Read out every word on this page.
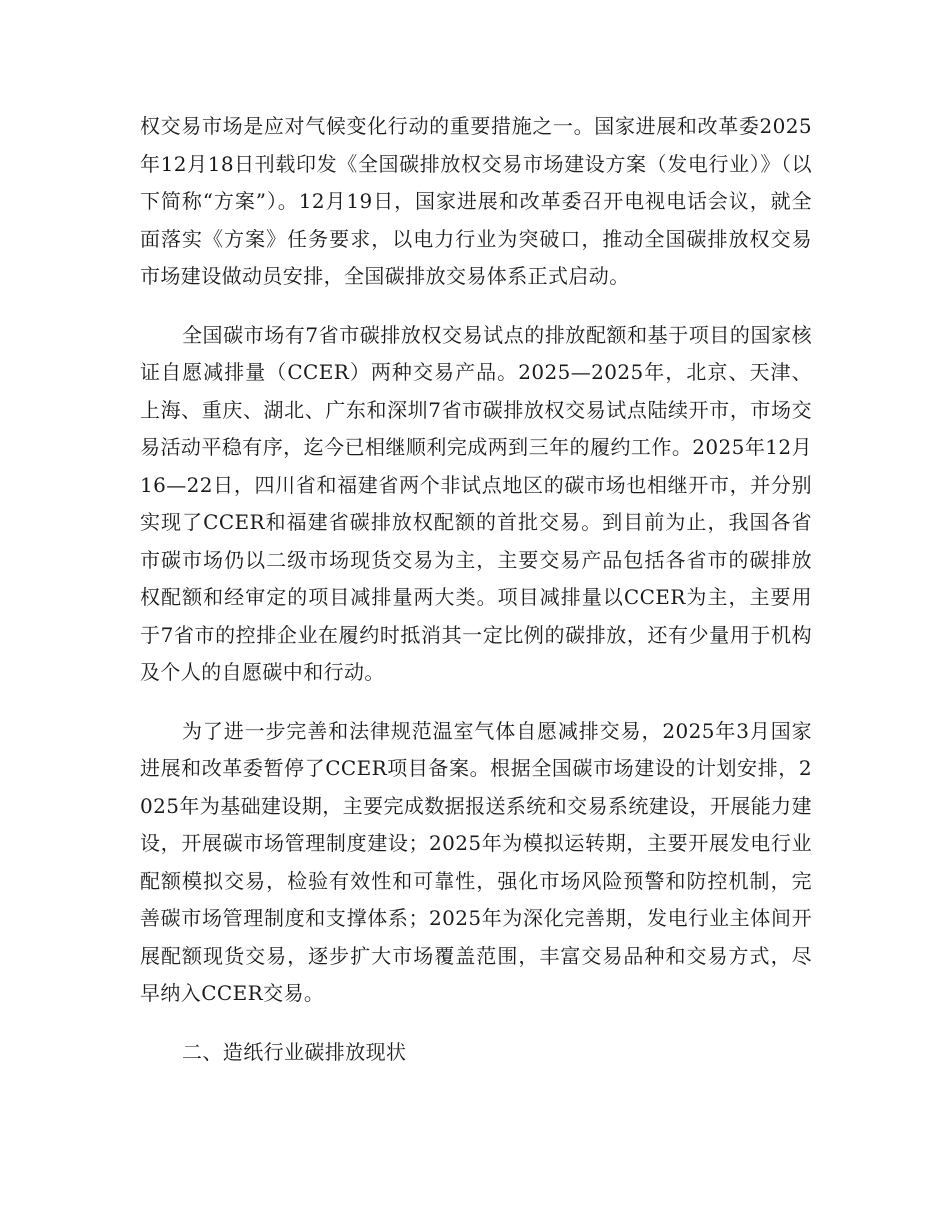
权交易市场是应对气候变化行动的重要措施之一。国家进展和改革委2025年12月18日刊载印发《全国碳排放权交易市场建设方案（发电行业）》（以下简称“方案”）。12月19日，国家进展和改革委召开电视电话会议，就全面落实《方案》任务要求，以电力行业为突破口，推动全国碳排放权交易市场建设做动员安排，全国碳排放交易体系正式启动。

全国碳市场有7省市碳排放权交易试点的排放配额和基于项目的国家核证自愿减排量（CCER）两种交易产品。2025—2025年，北京、天津、上海、重庆、湖北、广东和深圳7省市碳排放权交易试点陆续开市，市场交易活动平稳有序，迄今已相继顺利完成两到三年的履约工作。2025年12月16—22日，四川省和福建省两个非试点地区的碳市场也相继开市，并分别实现了CCER和福建省碳排放权配额的首批交易。到目前为止，我国各省市碳市场仍以二级市场现货交易为主，主要交易产品包括各省市的碳排放权配额和经审定的项目减排量两大类。项目减排量以CCER为主，主要用于7省市的控排企业在履约时抵消其一定比例的碳排放，还有少量用于机构及个人的自愿碳中和行动。

为了进一步完善和法律规范温室气体自愿减排交易，2025年3月国家进展和改革委暂停了CCER项目备案。根据全国碳市场建设的计划安排，2025年为基础建设期，主要完成数据报送系统和交易系统建设，开展能力建设，开展碳市场管理制度建设；2025年为模拟运转期，主要开展发电行业配额模拟交易，检验有效性和可靠性，强化市场风险预警和防控机制，完善碳市场管理制度和支撑体系；2025年为深化完善期，发电行业主体间开展配额现货交易，逐步扩大市场覆盖范围，丰富交易品种和交易方式，尽早纳入CCER交易。

二、造纸行业碳排放现状
